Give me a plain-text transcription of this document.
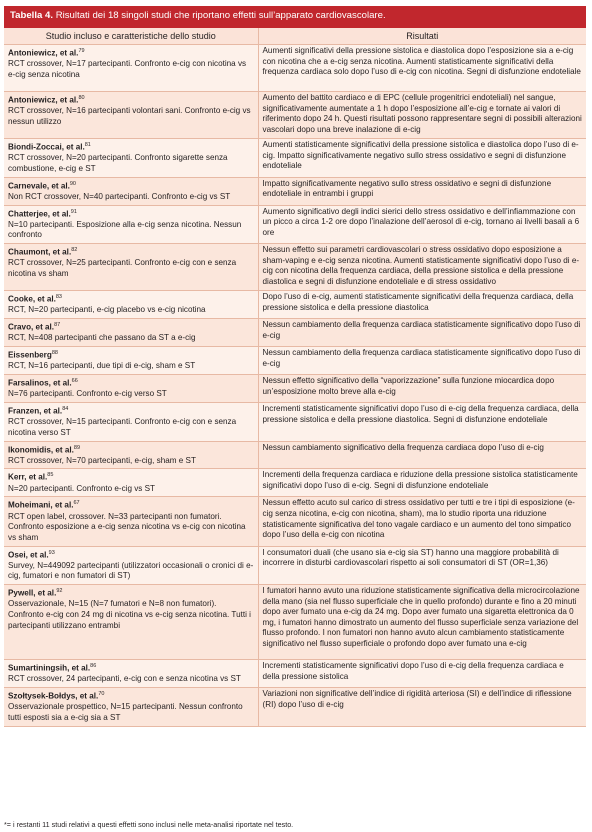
Tabella 4. Risultati dei 18 singoli studi che riportano effetti sull’apparato cardiovascolare.
Studio incluso e caratteristiche dello studio	Risultati

Antoniewicz, et al.$^{79}$
RCT crossover, N=17 partecipanti. Confronto e-cig con nicotina vs e-cig senza nicotina	Aumenti significativi della pressione sistolica e diastolica dopo l’esposizione sia a e-cig con nicotina che a e-cig senza nicotina. Aumenti statisticamente significativi della frequenza cardiaca solo dopo l’uso di e-cig con nicotina. Segni di disfunzione endoteliale

Antoniewicz, et al.$^{80}$
RCT crossover, N=16 partecipanti volontari sani. Confronto e-cig vs nessun utilizzo	Aumento del battito cardiaco e di EPC (cellule progenitrici endoteliali) nel sangue, significativamente aumentate a 1 h dopo l’esposizione all’e-cig e tornate ai valori di riferimento dopo 24 h. Questi risultati possono rappresentare segni di possibili alterazioni vascolari dopo una breve inalazione di e-cig

Biondi-Zoccai, et al.$^{81}$
RCT crossover, N=20 partecipanti. Confronto sigarette senza combustione, e-cig e ST	Aumenti statisticamente significativi della pressione sistolica e diastolica dopo l’uso di e-cig. Impatto significativamente negativo sullo stress ossidativo e segni di disfunzione endoteliale

Carnevale, et al.$^{90}$
Non RCT crossover, N=40 partecipanti. Confronto e-cig vs ST	Impatto significativamente negativo sullo stress ossidativo e segni di disfunzione endoteliale in entrambi i gruppi

Chatterjee, et al.$^{91}$
N=10 partecipanti. Esposizione alla e-cig senza nicotina. Nessun confronto	Aumento significativo degli indici sierici dello stress ossidativo e dell’infiammazione con un picco a circa 1-2 ore dopo l’inalazione dell’aerosol di e-cig, tornano ai livelli basali a 6 ore

Chaumont, et al.$^{82}$
RCT crossover, N=25 partecipanti. Confronto e-cig con e senza nicotina vs sham	Nessun effetto sui parametri cardiovascolari o stress ossidativo dopo esposizione a sham-vaping e e-cig senza nicotina. Aumenti statisticamente significativi dopo l’uso di e-cig con nicotina della frequenza cardiaca, della pressione sistolica e della pressione diastolica e segni di disfunzione endoteliale e di stress ossidativo

Cooke, et al.$^{83}$
RCT, N=20 partecipanti, e-cig placebo vs e-cig nicotina	Dopo l’uso di e-cig, aumenti statisticamente significativi della frequenza cardiaca, della pressione sistolica e della pressione diastolica

Cravo, et al.$^{87}$
RCT, N=408 partecipanti che passano da ST a e-cig	Nessun cambiamento della frequenza cardiaca statisticamente significativo dopo l’uso di e-cig

Eissenberg$^{88}$
RCT, N=16 partecipanti, due tipi di e-cig, sham e ST	Nessun cambiamento della frequenza cardiaca statisticamente significativo dopo l’uso di e-cig

Farsalinos, et al.$^{66}$
N=76 partecipanti. Confronto e-cig verso ST	Nessun effetto significativo della “vaporizzazione” sulla funzione miocardica dopo un’esposizione molto breve alla e-cig

Franzen, et al.$^{84}$
RCT crossover, N=15 partecipanti. Confronto e-cig con e senza nicotina verso ST	Incrementi statisticamente significativi dopo l’uso di e-cig della frequenza cardiaca, della pressione sistolica e della pressione diastolica. Segni di disfunzione endoteliale

Ikonomidis, et al.$^{89}$
RCT crossover, N=70 partecipanti, e-cig, sham e ST	Nessun cambiamento significativo della frequenza cardiaca dopo l’uso di e-cig

Kerr, et al.$^{85}$
N=20 partecipanti. Confronto e-cig vs ST	Incrementi della frequenza cardiaca e riduzione della pressione sistolica statisticamente significativi dopo l’uso di e-cig. Segni di disfunzione endoteliale

Moheimani, et al.$^{67}$
RCT open label, crossover. N=33 partecipanti non fumatori. Confronto esposizione a e-cig senza nicotina vs e-cig con nicotina vs sham	Nessun effetto acuto sul carico di stress ossidativo per tutti e tre i tipi di esposizione (e-cig senza nicotina, e-cig con nicotina, sham), ma lo studio riporta una riduzione statisticamente significativa del tono vagale cardiaco e un aumento del tono simpatico dopo l’uso della e-cig con nicotina

Osei, et al.$^{93}$
Survey, N=449092 partecipanti (utilizzatori occasionali o cronici di e-cig, fumatori e non fumatori di ST)	I consumatori duali (che usano sia e-cig sia ST) hanno una maggiore probabilità di incorrere in disturbi cardiovascolari rispetto ai soli consumatori di ST (OR=1,36)

Pywell, et al.$^{92}$
Osservazionale, N=15 (N=7 fumatori e N=8 non fumatori). Confronto e-cig con 24 mg di nicotina vs e-cig senza nicotina. Tutti i partecipanti utilizzano entrambi	I fumatori hanno avuto una riduzione statisticamente significativa della microcircolazione della mano (sia nel flusso superficiale che in quello profondo) durante e fino a 20 minuti dopo aver fumato una e-cig da 24 mg. Dopo aver fumato una sigaretta elettronica da 0 mg, i fumatori hanno dimostrato un aumento del flusso superficiale senza variazione del flusso profondo. I non fumatori non hanno avuto alcun cambiamento statisticamente significativo nel flusso superficiale o profondo dopo aver fumato una e-cig

Sumartiningsih, et al.$^{86}$
RCT crossover, 24 partecipanti, e-cig con e senza nicotina vs ST	Incrementi statisticamente significativi dopo l’uso di e-cig della frequenza cardiaca e della pressione sistolica

Szołtysek-Bołdys, et al.$^{70}$
Osservazionale prospettico, N=15 partecipanti. Nessun confronto tutti esposti sia a e-cig sia a ST	Variazioni non significative dell’indice di rigidità arteriosa (SI) e dell’indice di riflessione (RI) dopo l’uso di e-cig
*= i restanti 11 studi relativi a questi effetti sono inclusi nelle meta-analisi riportate nel testo.
